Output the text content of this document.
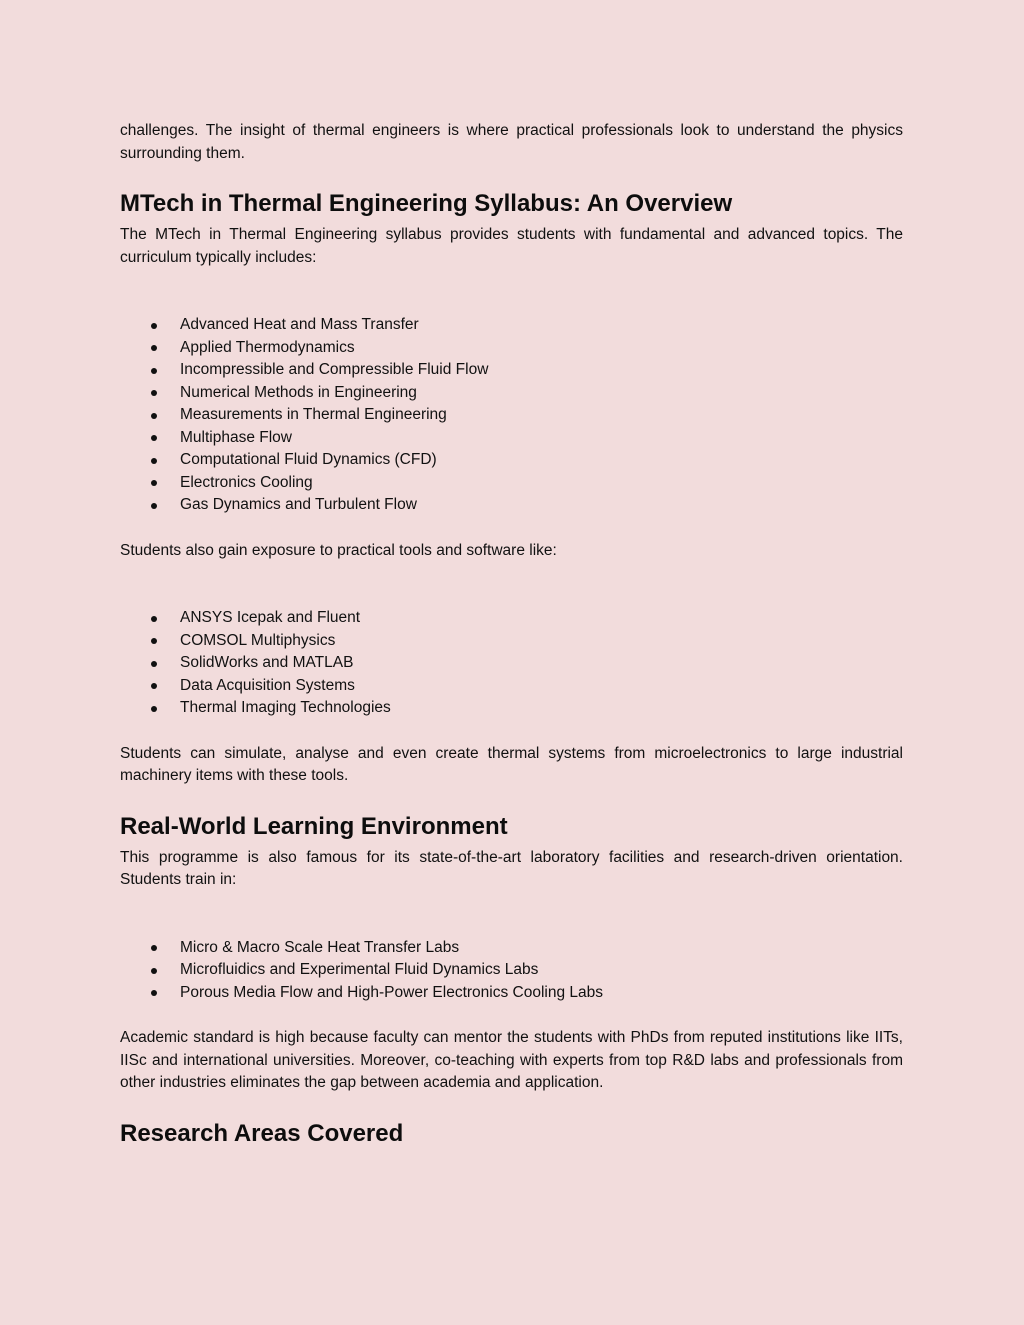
challenges. The insight of thermal engineers is where practical professionals look to understand the physics surrounding them.

MTech in Thermal Engineering Syllabus: An Overview

The MTech in Thermal Engineering syllabus provides students with fundamental and advanced topics. The curriculum typically includes:

Advanced Heat and Mass Transfer
Applied Thermodynamics
Incompressible and Compressible Fluid Flow
Numerical Methods in Engineering
Measurements in Thermal Engineering
Multiphase Flow
Computational Fluid Dynamics (CFD)
Electronics Cooling
Gas Dynamics and Turbulent Flow

Students also gain exposure to practical tools and software like:

ANSYS Icepak and Fluent
COMSOL Multiphysics
SolidWorks and MATLAB
Data Acquisition Systems
Thermal Imaging Technologies

Students can simulate, analyse and even create thermal systems from microelectronics to large industrial machinery items with these tools.

Real-World Learning Environment

This programme is also famous for its state-of-the-art laboratory facilities and research-driven orientation. Students train in:

Micro & Macro Scale Heat Transfer Labs
Microfluidics and Experimental Fluid Dynamics Labs
Porous Media Flow and High-Power Electronics Cooling Labs

Academic standard is high because faculty can mentor the students with PhDs from reputed institutions like IITs, IISc and international universities. Moreover, co-teaching with experts from top R&D labs and professionals from other industries eliminates the gap between academia and application.

Research Areas Covered
